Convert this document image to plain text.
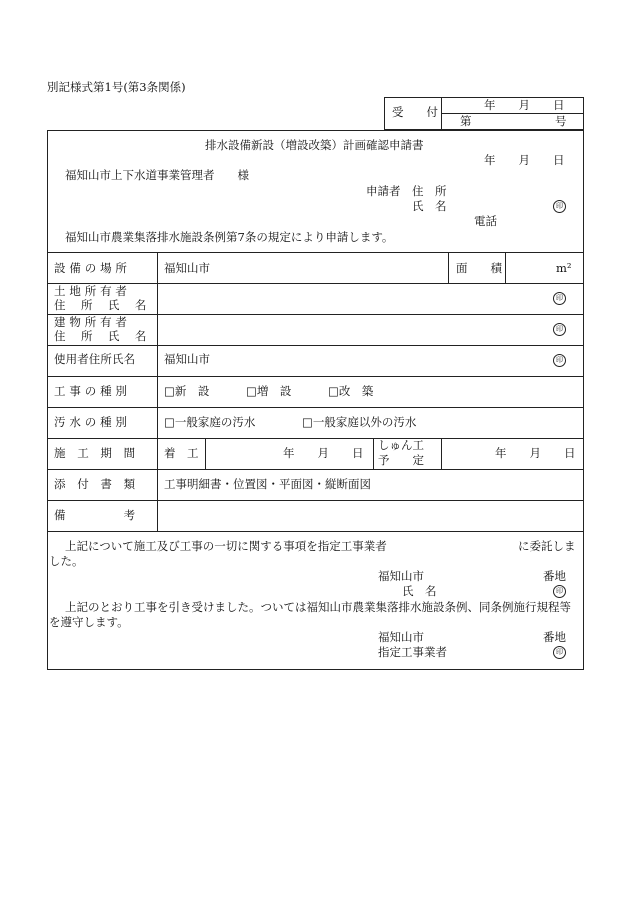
別記様式第1号(第3条関係)
受　　付	年　　月　　日
第	号
排水設備新設（増設改築）計画確認申請書
年　　月　　日
福知山市上下水道事業管理者　　様
申請者　住　所
氏　名	印
電話
福知山市農業集落排水施設条例第7条の規定により申請します。
設 備 の 場 所	福知山市	面　　積	m²
土 地 所 有 者
住 　所 　氏 　名	印
建 物 所 有 者
住 　所 　氏 　名	印
使用者住所氏名	福知山市	印
工 事 の 種 別	□新　設	□増　設	□改　築
汚 水 の 種 別	□一般家庭の汚水	□一般家庭以外の汚水
施　工　期　間	着　工	年　　月　　日
しゅん工
予　　定	年　　月　　日
添　付　書　類	工事明細書・位置図・平面図・縦断面図
備　　　　　考
上記について施工及び工事の一切に関する事項を指定工事業者	に委託しま
した。
福知山市	番地
氏　名	印
上記のとおり工事を引き受けました。ついては福知山市農業集落排水施設条例、同条例施行規程等
を遵守します。
福知山市	番地
指定工事業者	印
